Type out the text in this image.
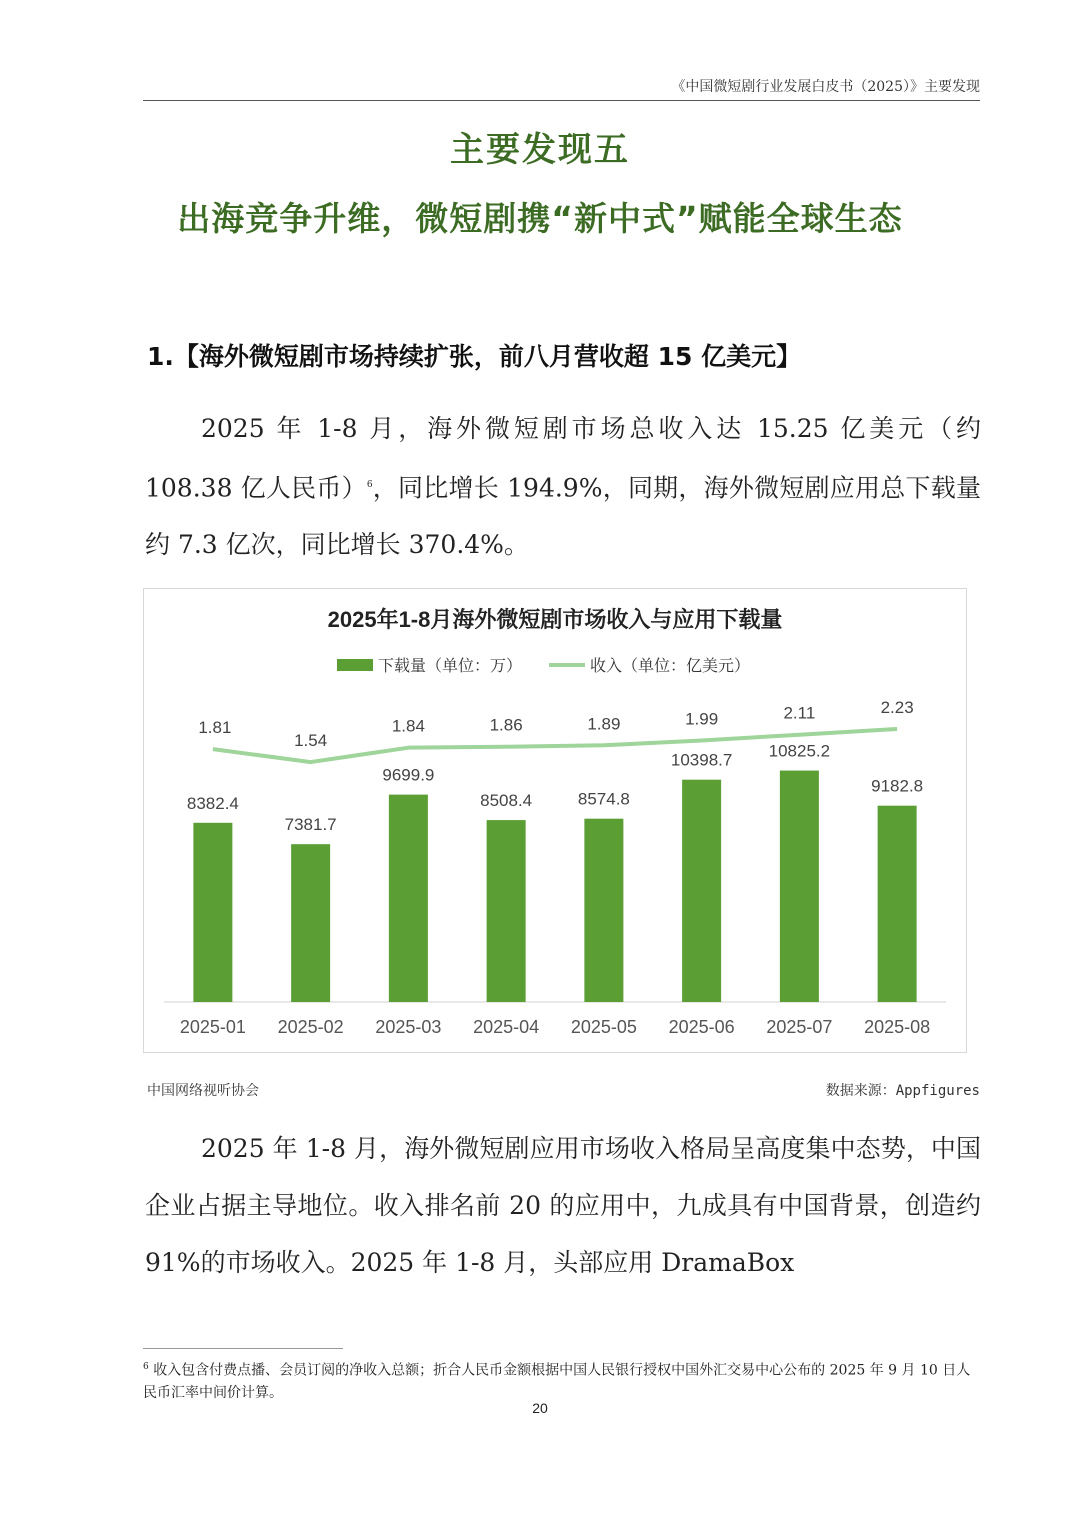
《中国微短剧行业发展白皮书（2025）》主要发现
主要发现五
出海竞争升维，微短剧携“新中式”赋能全球生态
1.【海外微短剧市场持续扩张，前八月营收超 15 亿美元】
2025 年 1-8 月，海外微短剧市场总收入达 15.25 亿美元（约 108.38 亿人民币）$^6$，同比增长 194.9%，同期，海外微短剧应用总下载量约 7.3 亿次，同比增长 370.4%。
2025年1-8月海外微短剧市场收入与应用下载量
下载量（单位：万）	收入（单位：亿美元）
8382.4
2025-01
7381.7
2025-02
9699.9
2025-03
8508.4
2025-04
8574.8
2025-05
10398.7
2025-06
10825.2
2025-07
9182.8
2025-08
1.81
1.54
1.84	1.86	1.89	1.99	2.11	2.23
中国网络视听协会	数据来源：Appfigures
2025 年 1-8 月，海外微短剧应用市场收入格局呈高度集中态势，中国企业占据主导地位。收入排名前 20 的应用中，九成具有中国背景，创造约 91%的市场收入。2025 年 1-8 月，头部应用 DramaBox
$^6$ 收入包含付费点播、会员订阅的净收入总额；折合人民币金额根据中国人民银行授权中国外汇交易中心公布的 2025 年 9 月 10 日人民币汇率中间价计算。
20
